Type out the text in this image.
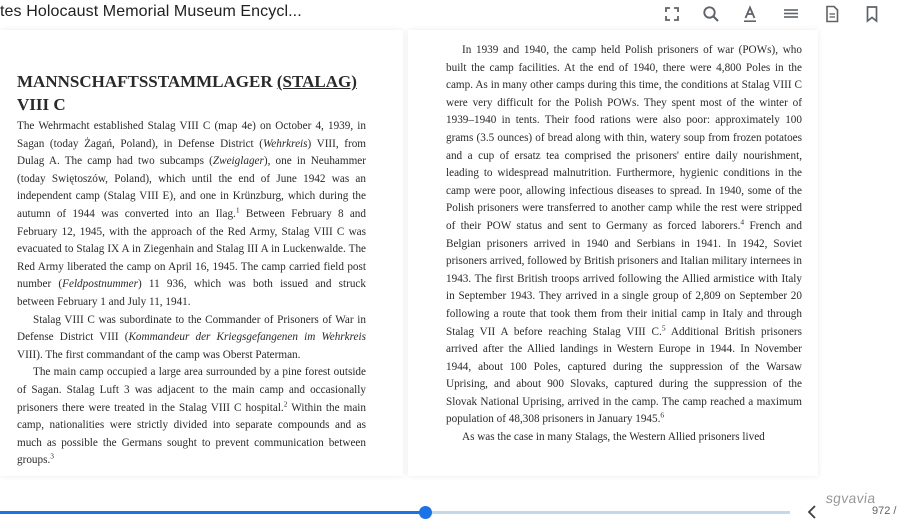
tes Holocaust Memorial Museum Encycl...
MANNSCHAFTSSTAMMLAGER (STALAG)
VIII C

The Wehrmacht established Stalag VIII C (map 4e) on October 4, 1939, in Sagan (today Żagań, Poland), in Defense District (Wehrkreis) VIII, from Dulag A. The camp had two subcamps (Zweiglager), one in Neuhammer (today Swiętoszów, Poland), which until the end of June 1942 was an independent camp (Stalag VIII E), and one in Krünzburg, which during the autumn of 1944 was converted into an Ilag.$^1$ Between February 8 and February 12, 1945, with the approach of the Red Army, Stalag VIII C was evacuated to Stalag IX A in Ziegenhain and Stalag III A in Luckenwalde. The Red Army liberated the camp on April 16, 1945. The camp carried field post number (Feldpostnummer) 11 936, which was both issued and struck between February 1 and July 11, 1941.

Stalag VIII C was subordinate to the Commander of Prisoners of War in Defense District VIII (Kommandeur der Kriegsgefangenen im Wehrkreis VIII). The first commandant of the camp was Oberst Paterman.

The main camp occupied a large area surrounded by a pine forest outside of Sagan. Stalag Luft 3 was adjacent to the main camp and occasionally prisoners there were treated in the Stalag VIII C hospital.$^2$ Within the main camp, nationalities were strictly divided into separate compounds and as much as possible the Germans sought to prevent communication between groups.$^3$

In 1939 and 1940, the camp held Polish prisoners of war (POWs), who built the camp facilities. At the end of 1940, there were 4,800 Poles in the camp. As in many other camps during this time, the conditions at Stalag VIII C were very difficult for the Polish POWs. They spent most of the winter of 1939–1940 in tents. Their food rations were also poor: approximately 100 grams (3.5 ounces) of bread along with thin, watery soup from frozen potatoes and a cup of ersatz tea comprised the prisoners' entire daily nourishment, leading to widespread malnutrition. Furthermore, hygienic conditions in the camp were poor, allowing infectious diseases to spread. In 1940, some of the Polish prisoners were transferred to another camp while the rest were stripped of their POW status and sent to Germany as forced laborers.$^4$ French and Belgian prisoners arrived in 1940 and Serbians in 1941. In 1942, Soviet prisoners arrived, followed by British prisoners and Italian military internees in 1943. The first British troops arrived following the Allied armistice with Italy in September 1943. They arrived in a single group of 2,809 on September 20 following a route that took them from their initial camp in Italy and through Stalag VII A before reaching Stalag VIII C.$^5$ Additional British prisoners arrived after the Allied landings in Western Europe in 1944. In November 1944, about 100 Poles, captured during the suppression of the Warsaw Uprising, and about 900 Slovaks, captured during the suppression of the Slovak National Uprising, arrived in the camp. The camp reached a maximum population of 48,308 prisoners in January 1945.$^6$

As was the case in many Stalags, the Western Allied prisoners lived

sgvavia
972 /
